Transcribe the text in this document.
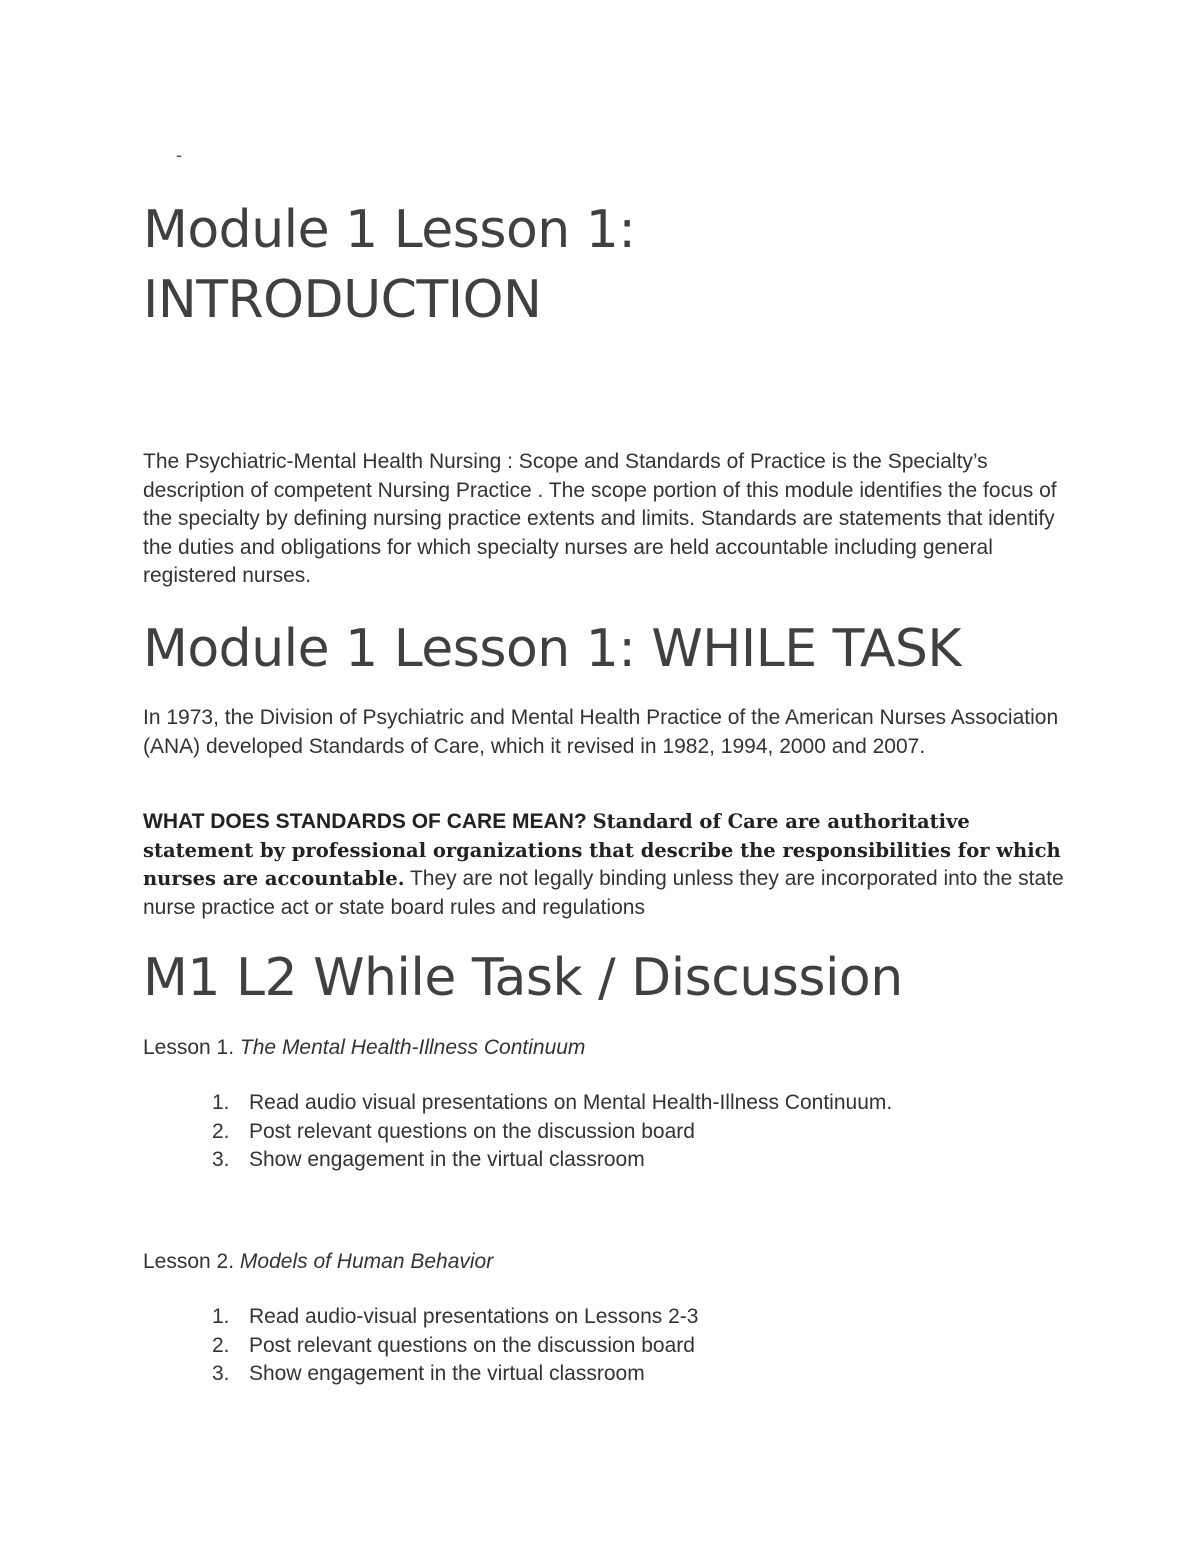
-
Module 1 Lesson 1:
INTRODUCTION

The Psychiatric-Mental Health Nursing : Scope and Standards of Practice is the Specialty’s description of competent Nursing Practice . The scope portion of this module identifies the focus of the specialty by defining nursing practice extents and limits. Standards are statements that identify the duties and obligations for which specialty nurses are held accountable including general registered nurses.

Module 1 Lesson 1: WHILE TASK

In 1973, the Division of Psychiatric and Mental Health Practice of the American Nurses Association (ANA) developed Standards of Care, which it revised in 1982, 1994, 2000 and 2007.

WHAT DOES STANDARDS OF CARE MEAN? Standard of Care are authoritative statement by professional organizations that describe the responsibilities for which nurses are accountable. They are not legally binding unless they are incorporated into the state nurse practice act or state board rules and regulations

M1 L2 While Task / Discussion

Lesson 1. The Mental Health-Illness Continuum

1. Read audio visual presentations on Mental Health-Illness Continuum.
2. Post relevant questions on the discussion board
3. Show engagement in the virtual classroom

Lesson 2. Models of Human Behavior

1. Read audio-visual presentations on Lessons 2-3
2. Post relevant questions on the discussion board
3. Show engagement in the virtual classroom
